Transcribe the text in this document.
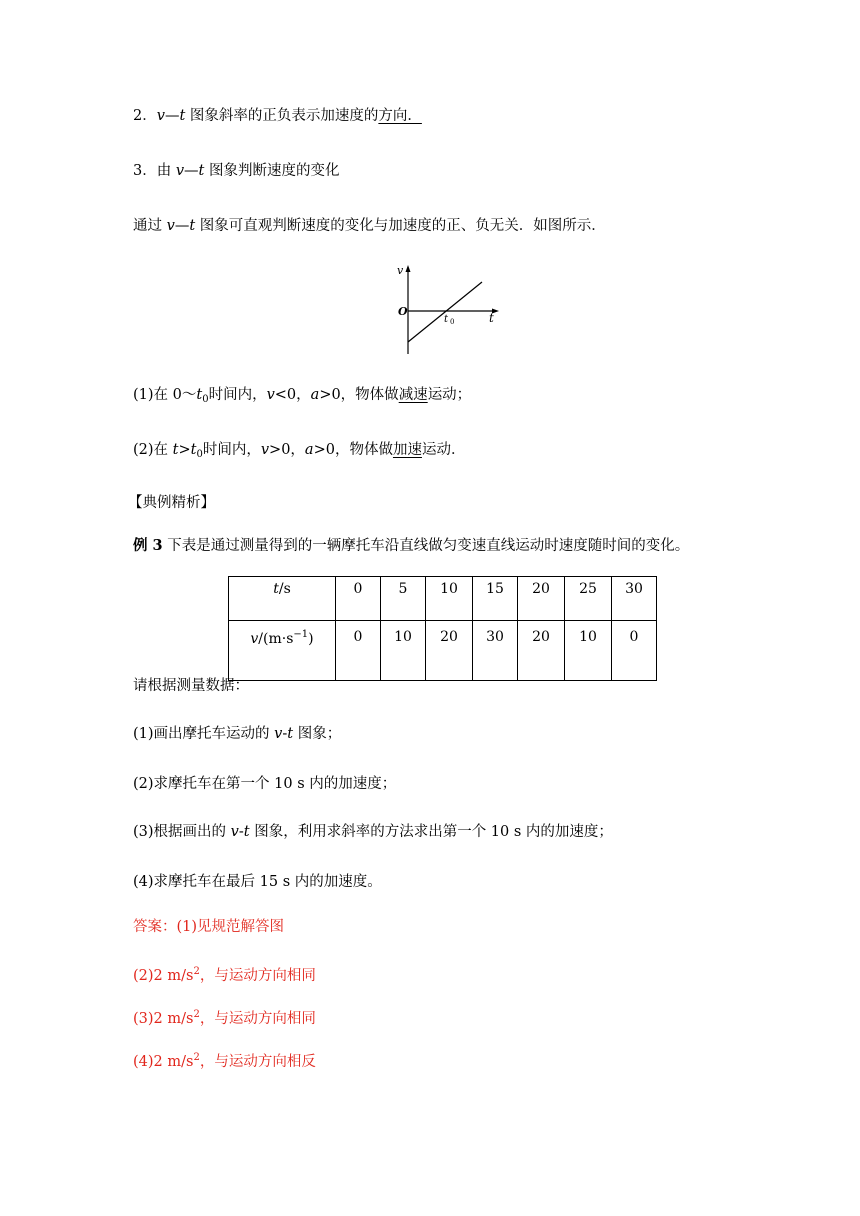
2．v—t 图象斜率的正负表示加速度的方向．
3．由 v—t 图象判断速度的变化
通过 v—t 图象可直观判断速度的变化与加速度的正、负无关．如图所示．
v
O	t
t 0
(1)在 $0\sim t_0$时间内，v<0，a>0，物体做减速运动；
(2)在 $t>t_0$时间内，v>0，a>0，物体做加速运动．
【典例精析】
例 3 下表是通过测量得到的一辆摩托车沿直线做匀变速直线运动时速度随时间的变化。
t/s	0	5	10	15	20	25	30
$v/(m\cdot s^{-1})$	0	10	20	30	20	10	0
请根据测量数据：
(1)画出摩托车运动的 v-t 图象；
(2)求摩托车在第一个 10 s 内的加速度；
(3)根据画出的 v-t 图象，利用求斜率的方法求出第一个 10 s 内的加速度；
(4)求摩托车在最后 15 s 内的加速度。
答案：(1)见规范解答图
(2)2 $m/s^2$，与运动方向相同
(3)2 $m/s^2$，与运动方向相同
(4)2 $m/s^2$，与运动方向相反
